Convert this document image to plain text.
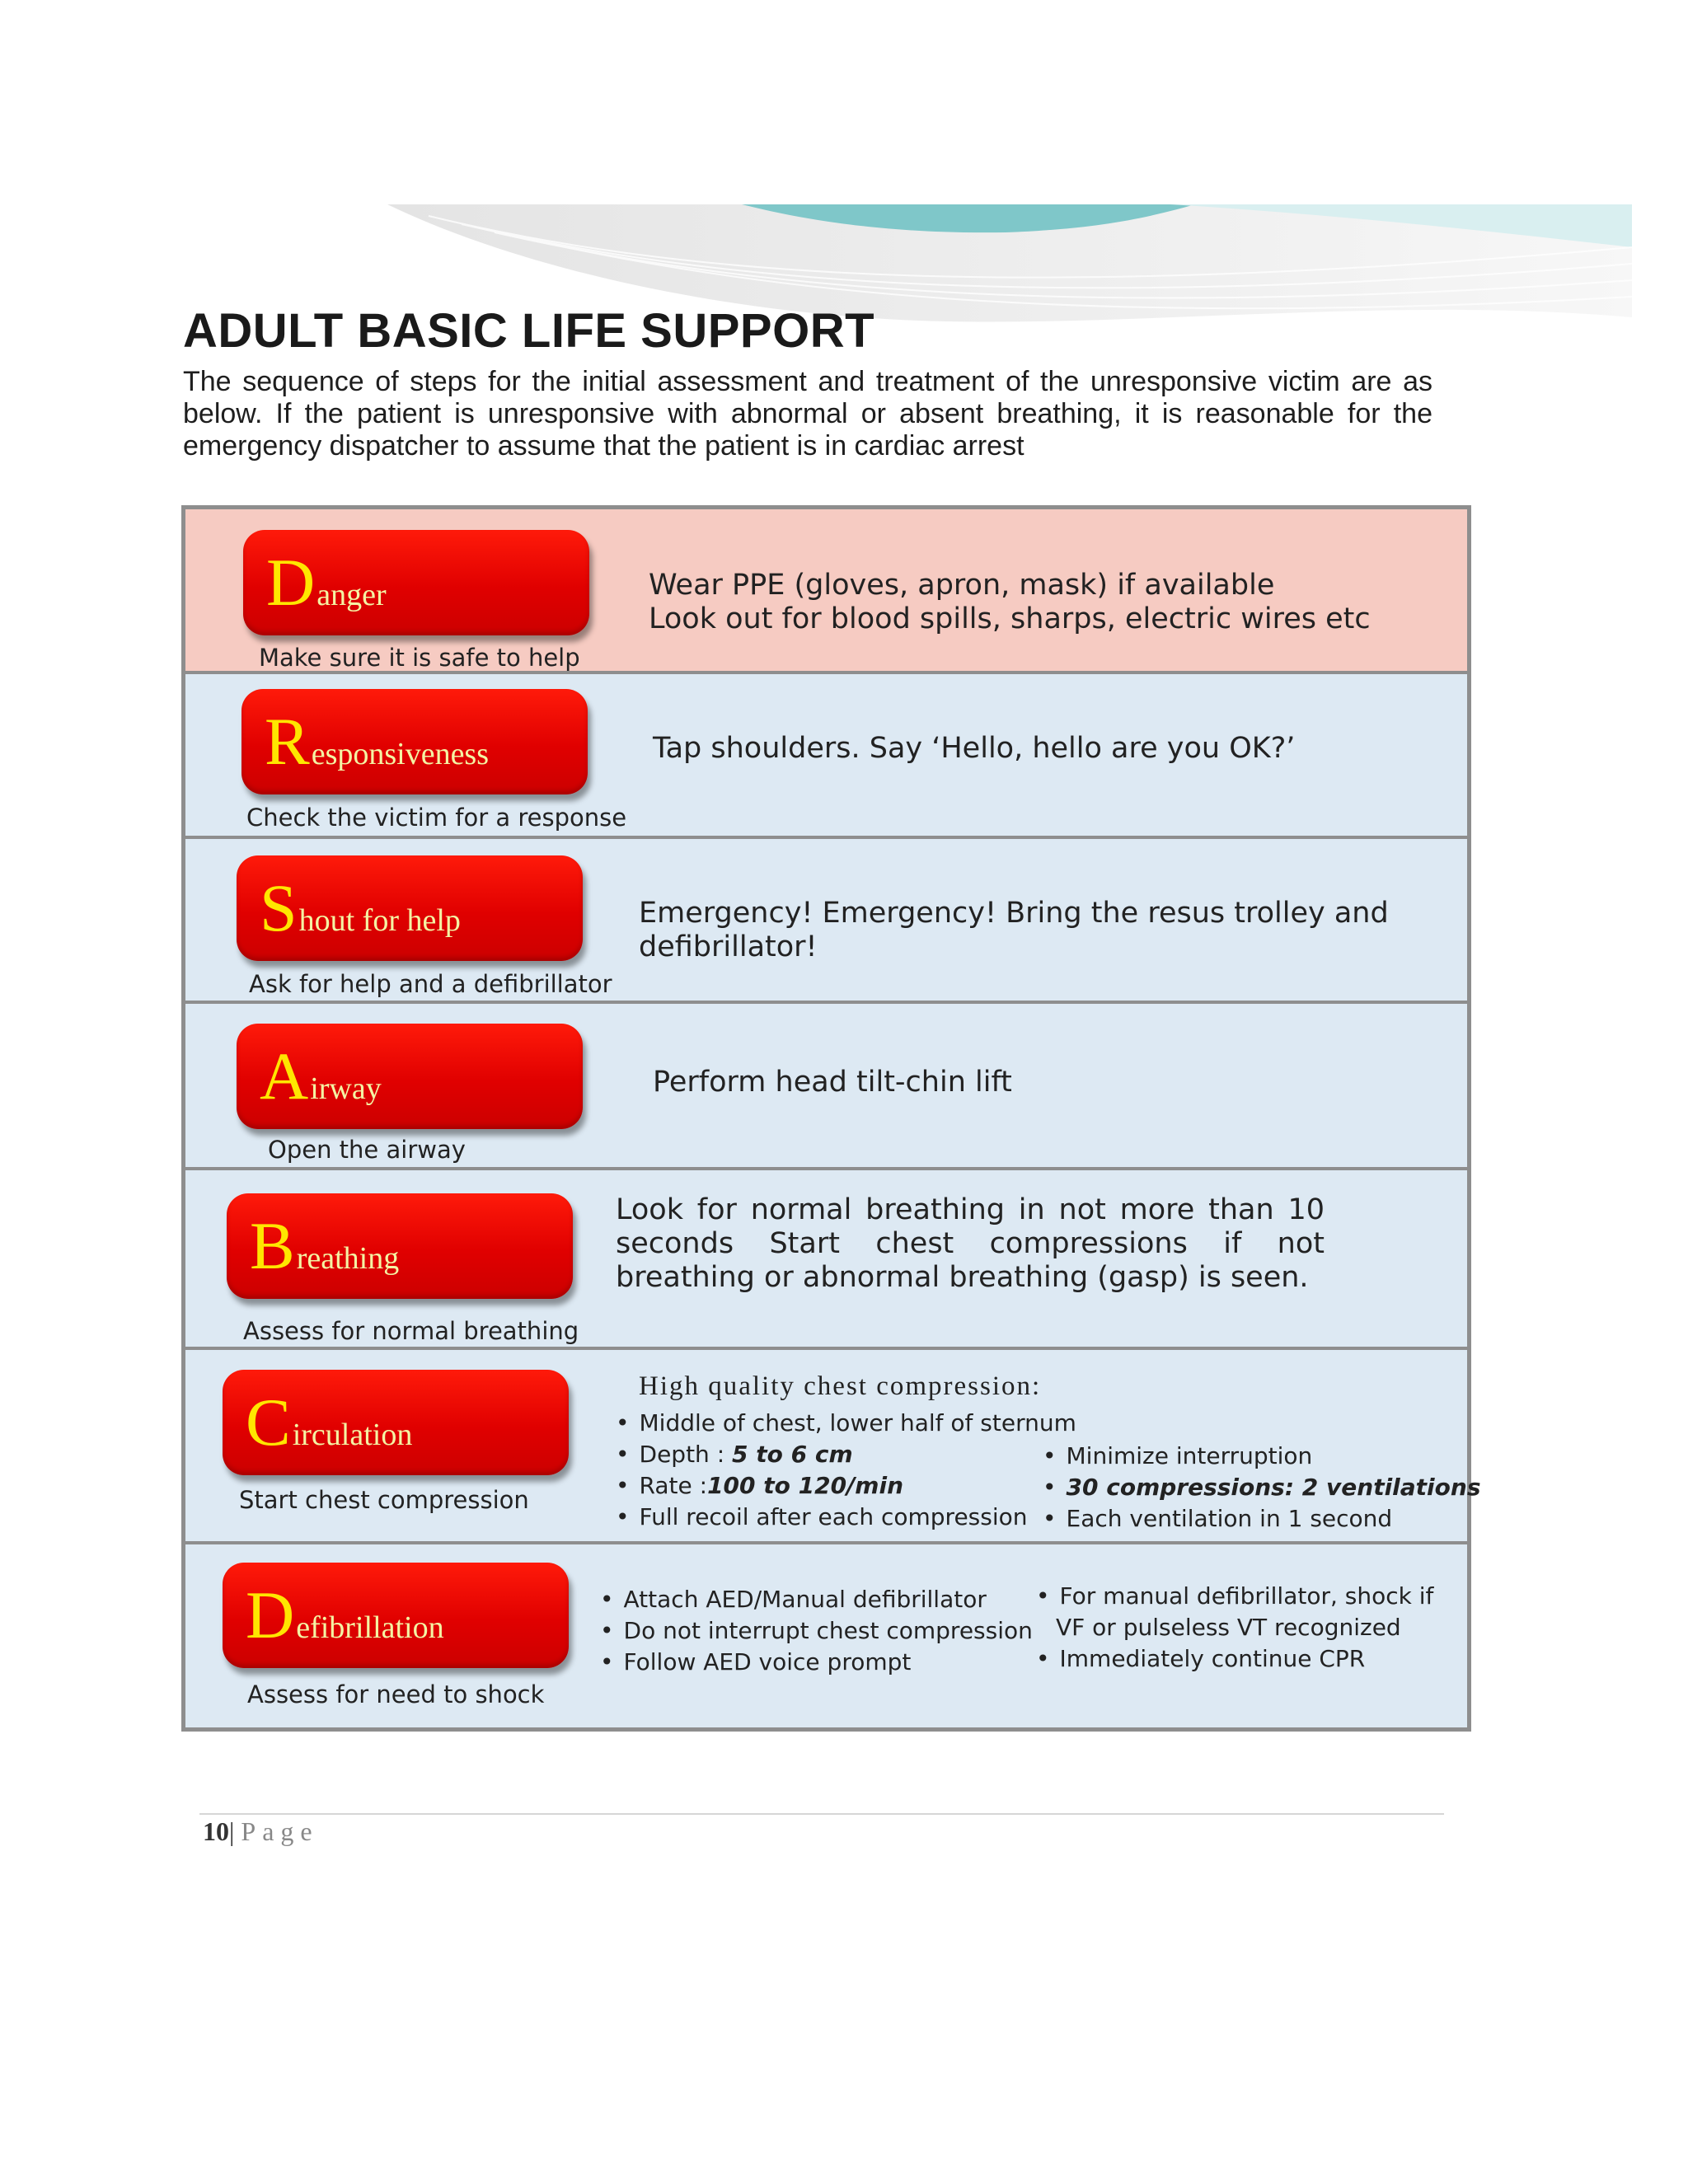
ADULT BASIC LIFE SUPPORT

The sequence of steps for the initial assessment and treatment of the unresponsive victim are as below. If the patient is unresponsive with abnormal or absent breathing, it is reasonable for the emergency dispatcher to assume that the patient is in cardiac arrest

D anger
Make sure it is safe to help
Wear PPE (gloves, apron, mask) if available
Look out for blood spills, sharps, electric wires etc
R esponsiveness
Check the victim for a response
Tap shoulders. Say ‘Hello, hello are you OK?’
S hout for help
Ask for help and a defibrillator
Emergency! Emergency! Bring the resus trolley and
defibrillator!
A irway
Open the airway
Perform head tilt-chin lift
B reathing
Assess for normal breathing
Look for normal breathing in not more than 10 seconds Start chest compressions if not breathing or abnormal breathing (gasp) is seen.
C irculation
Start chest compression
High quality chest compression:
• Middle of chest, lower half of sternum
• Depth : 5 to 6 cm
• Rate :100 to 120/min
• Full recoil after each compression
• Minimize interruption
• 30 compressions: 2 ventilations
• Each ventilation in 1 second
D efibrillation
Assess for need to shock
• Attach AED/Manual defibrillator
• Do not interrupt chest compression
• Follow AED voice prompt
• For manual defibrillator, shock if
VF or pulseless VT recognized
• Immediately continue CPR
10| Page
